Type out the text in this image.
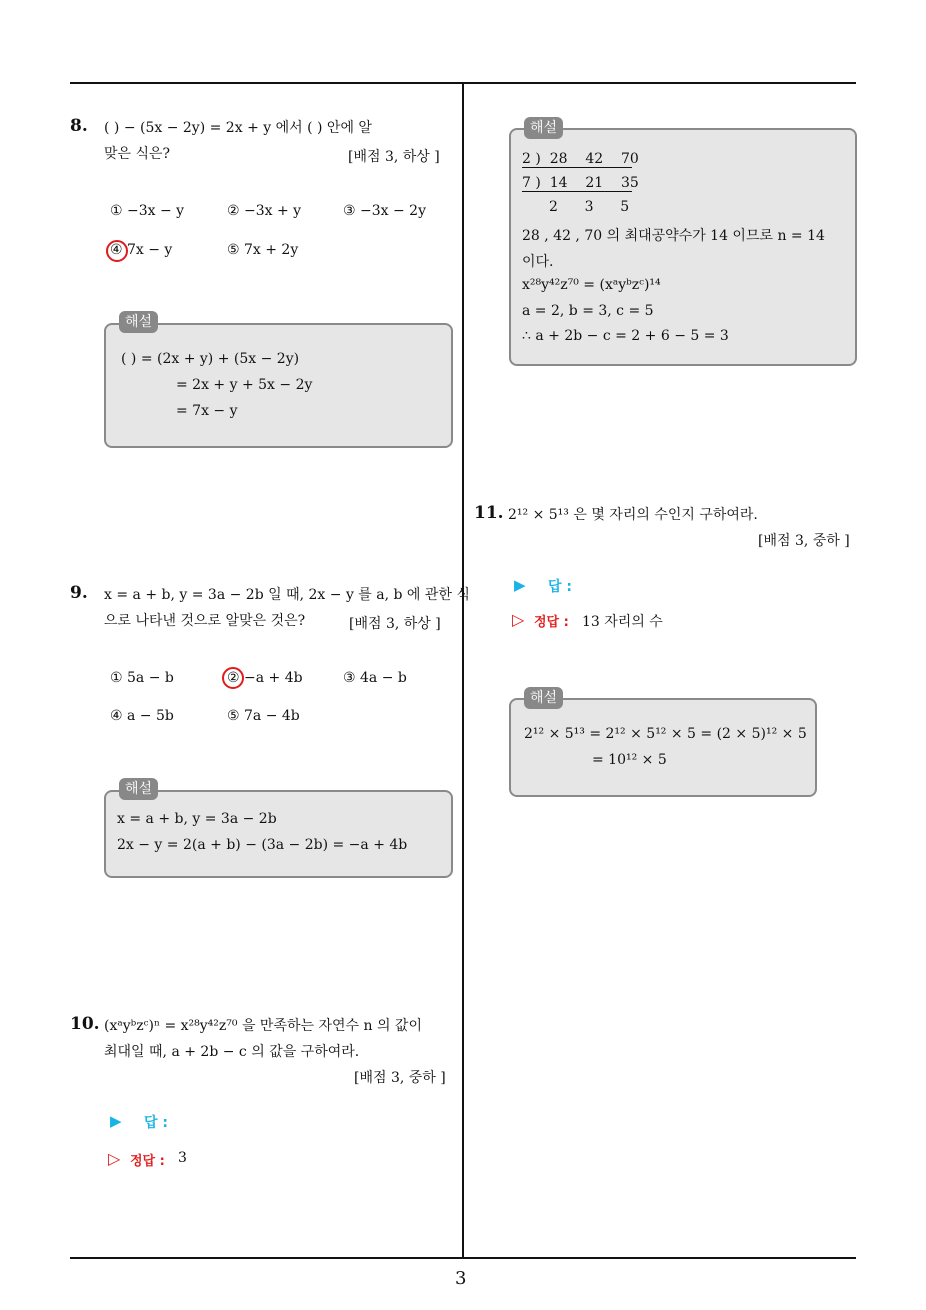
3
8. ( ) − (5x − 2y) = 2x + y 에서 ( ) 안에 알
맞은 식은?	[배점 3, 하상 ]
① −3x − y	② −3x + y	③ −3x − 2y
④ 7x − y	⑤ 7x + 2y
해설
( ) = (2x + y) + (5x − 2y)
= 2x + y + 5x − 2y
= 7x − y
9. x = a + b, y = 3a − 2b 일 때, 2x − y 를 a, b 에 관한 식
으로 나타낸 것으로 알맞은 것은?	[배점 3, 하상 ]
① 5a − b	② −a + 4b	③ 4a − b
④ a − 5b	⑤ 7a − 4b
해설
x = a + b, y = 3a − 2b
2x − y = 2(a + b) − (3a − 2b) = −a + 4b
10. (xᵃyᵇzᶜ)ⁿ = x²⁸y⁴²z⁷⁰ 을 만족하는 자연수 n 의 값이
최대일 때, a + 2b − c 의 값을 구하여라.
[배점 3, 중하 ]
▶ 답 :
▷ 정답 : 3
해설
2 )  28    42    70
7 )  14    21    35
2      3      5
28 , 42 , 70 의 최대공약수가 14 이므로 n = 14
이다.
x²⁸y⁴²z⁷⁰ = (xᵃyᵇzᶜ)¹⁴
a = 2, b = 3, c = 5
∴ a + 2b − c = 2 + 6 − 5 = 3
11. 2¹² × 5¹³ 은 몇 자리의 수인지 구하여라.
[배점 3, 중하 ]
▶ 답 :
▷ 정답 : 13 자리의 수
해설
2¹² × 5¹³ = 2¹² × 5¹² × 5 = (2 × 5)¹² × 5
= 10¹² × 5
